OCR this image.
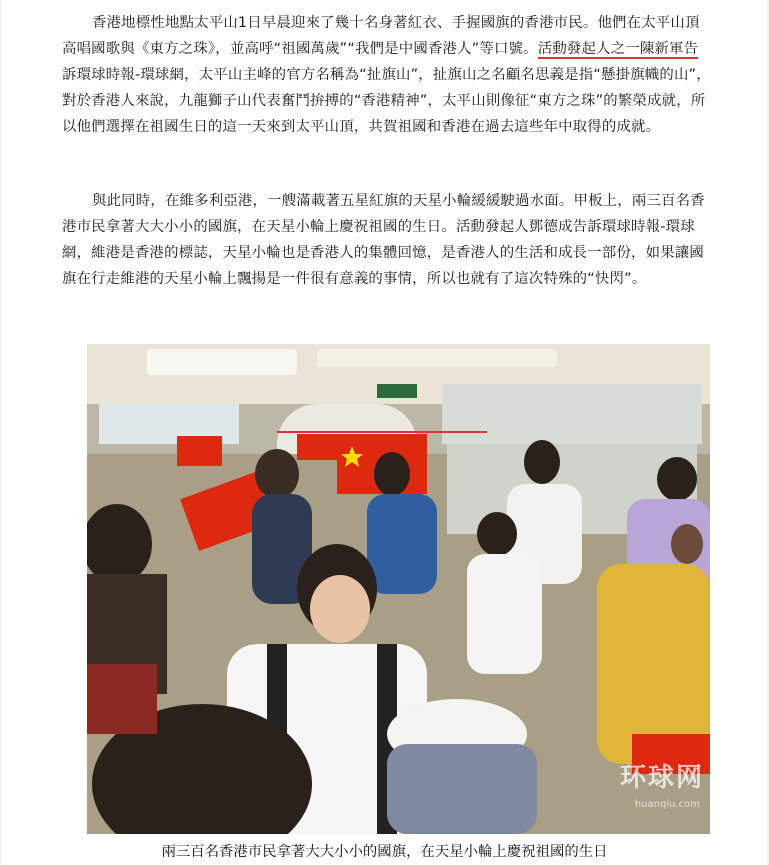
香港地標性地點太平山1日早晨迎來了幾十名身著紅衣、手握國旗的香港市民。他們在太平山頂高唱國歌與《東方之珠》，並高呼“祖國萬歲”“我們是中國香港人”等口號。活動發起人之一陳新軍告訴環球時報-環球網，太平山主峰的官方名稱為“扯旗山”，扯旗山之名顧名思義是指“懸掛旗幟的山”，對於香港人來說，九龍獅子山代表奮鬥拚搏的“香港精神”，太平山則像征“東方之珠”的繁榮成就，所以他們選擇在祖國生日的這一天來到太平山頂，共賀祖國和香港在過去這些年中取得的成就。

與此同時，在維多利亞港，一艘滿載著五星紅旗的天星小輪緩緩駛過水面。甲板上，兩三百名香港市民拿著大大小小的國旗，在天星小輪上慶祝祖國的生日。活動發起人鄧德成告訴環球時報-環球網，維港是香港的標誌，天星小輪也是香港人的集體回憶，是香港人的生活和成長一部份，如果讓國旗在行走維港的天星小輪上飄揚是一件很有意義的事情，所以也就有了這次特殊的“快閃”。

环球网
huanqiu.com
兩三百名香港市民拿著大大小小的國旗，在天星小輪上慶祝祖國的生日
